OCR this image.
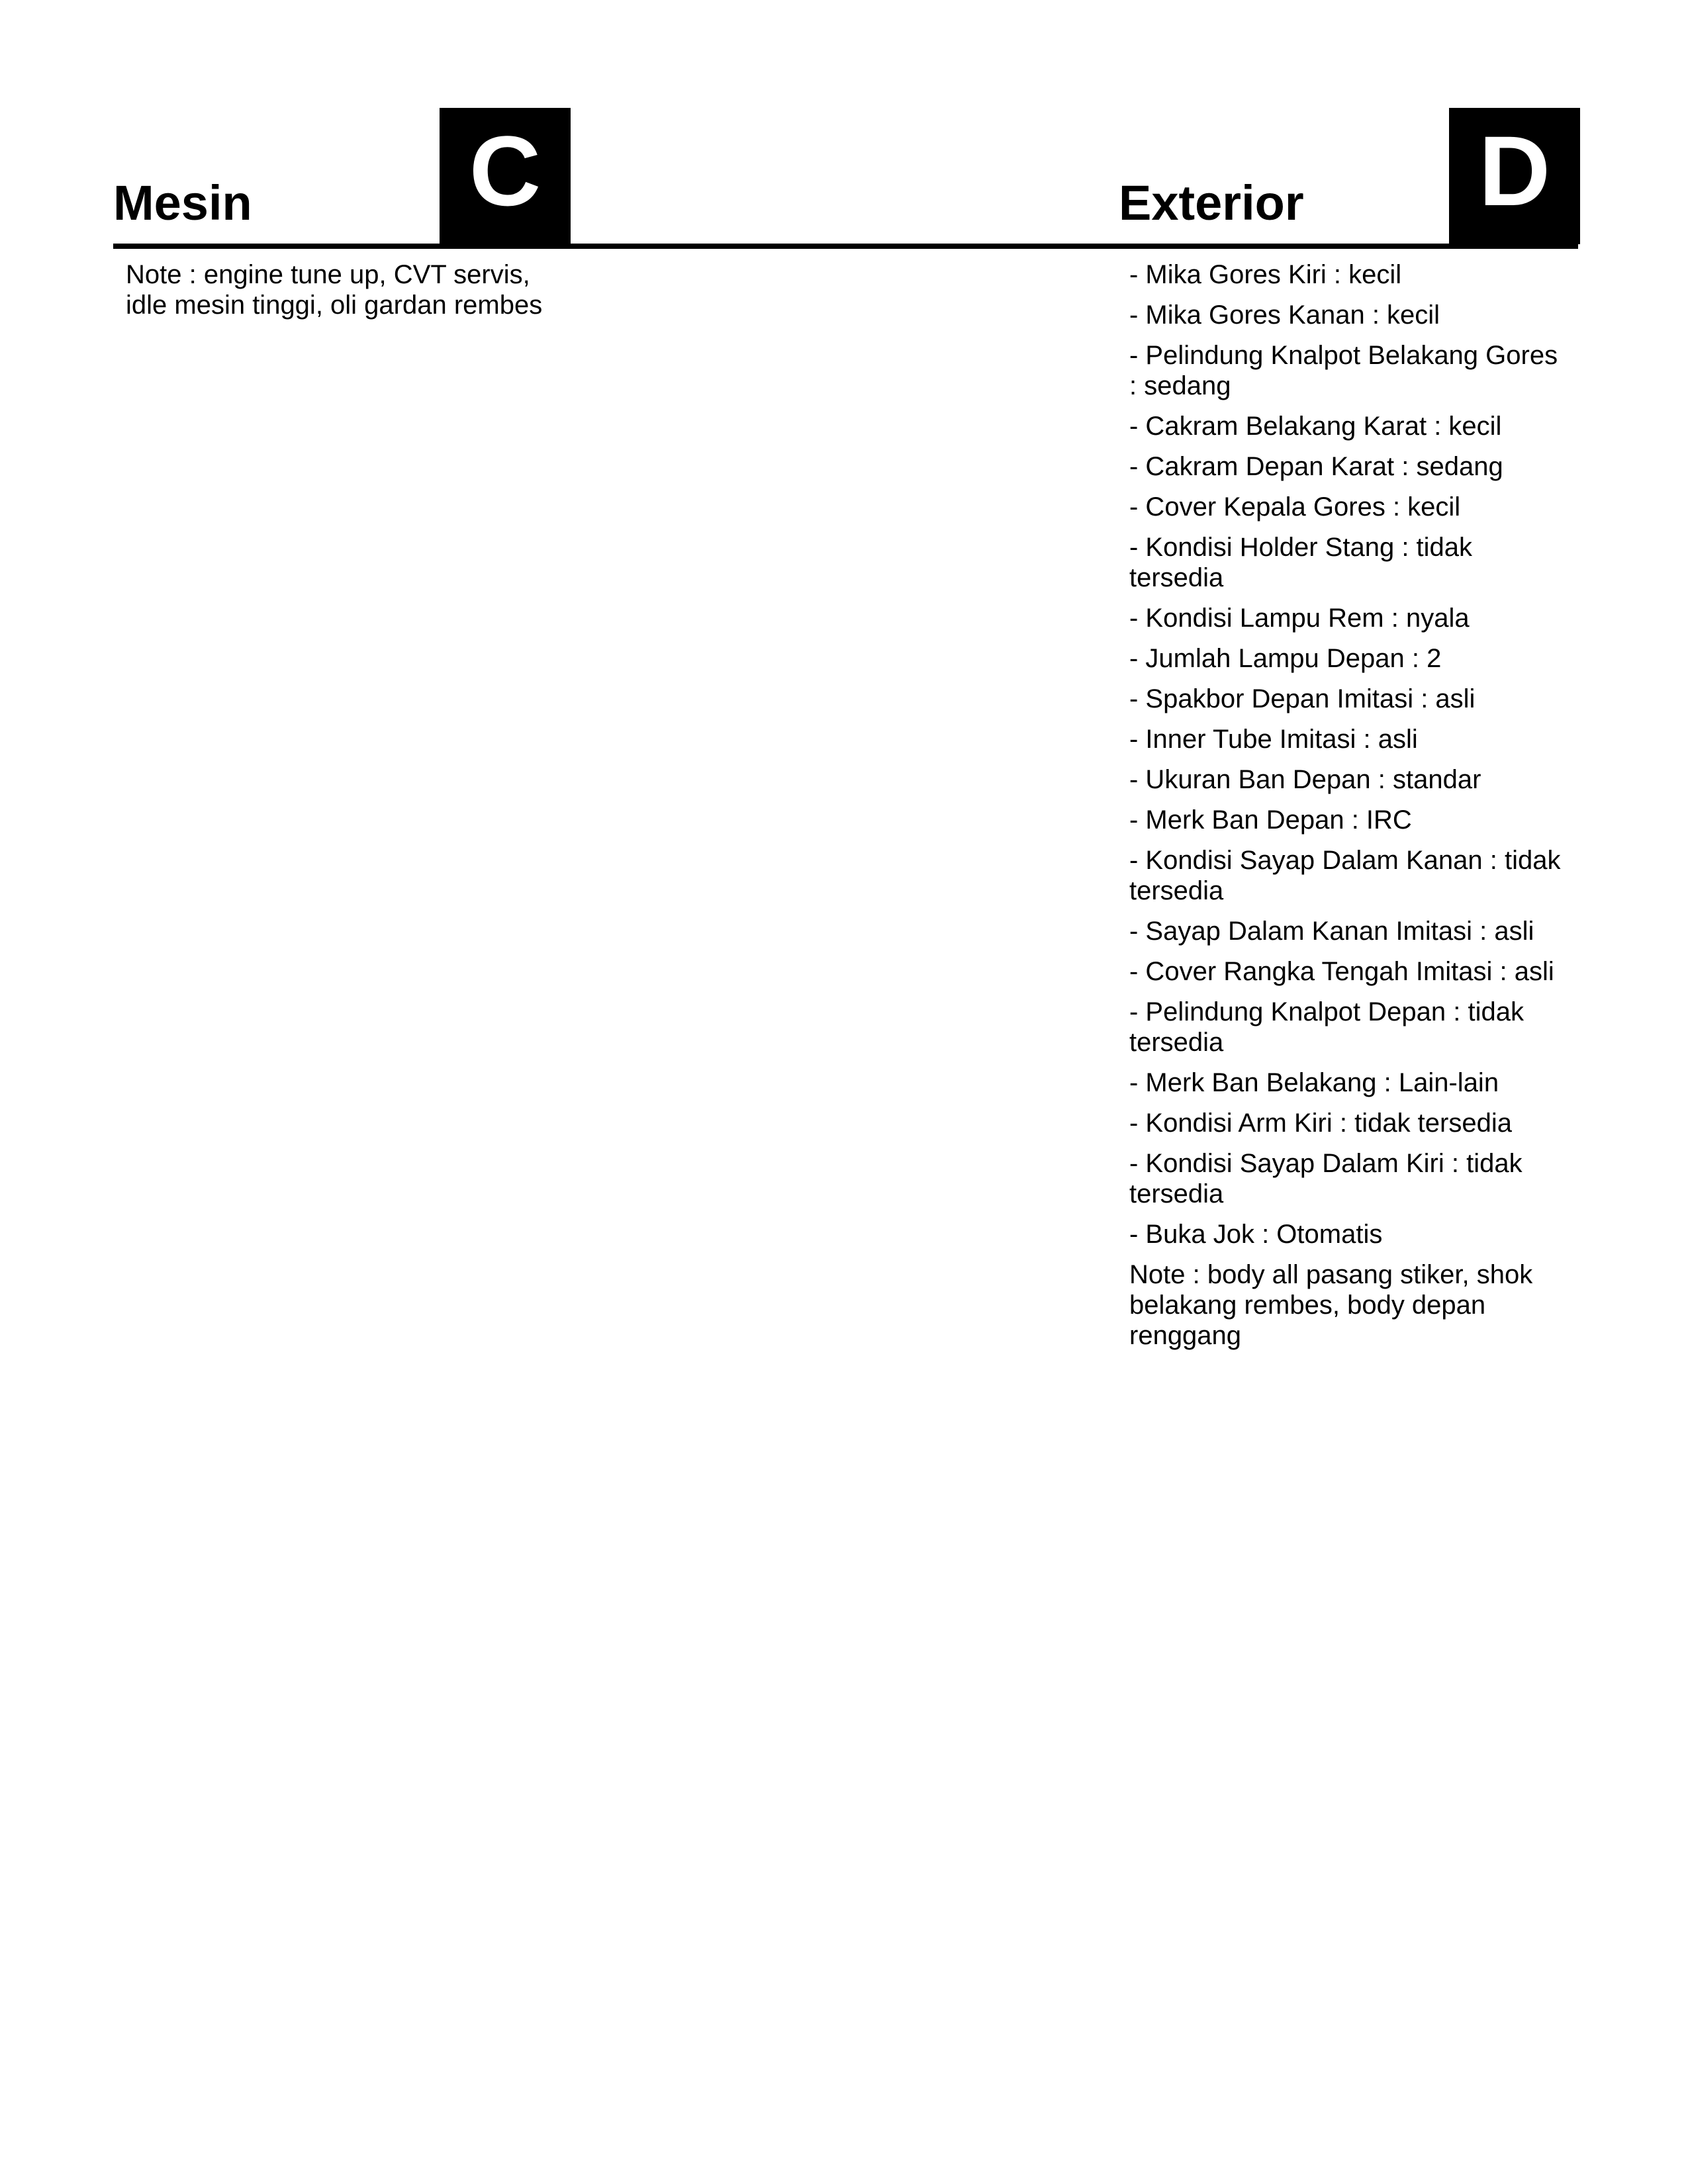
Mesin C	Exterior D
Note : engine tune up, CVT servis, idle mesin tinggi, oli gardan rembes
- Mika Gores Kiri : kecil
- Mika Gores Kanan : kecil
- Pelindung Knalpot Belakang Gores : sedang
- Cakram Belakang Karat : kecil
- Cakram Depan Karat : sedang
- Cover Kepala Gores : kecil
- Kondisi Holder Stang : tidak tersedia
- Kondisi Lampu Rem : nyala
- Jumlah Lampu Depan : 2
- Spakbor Depan Imitasi : asli
- Inner Tube Imitasi : asli
- Ukuran Ban Depan : standar
- Merk Ban Depan : IRC
- Kondisi Sayap Dalam Kanan : tidak tersedia
- Sayap Dalam Kanan Imitasi : asli
- Cover Rangka Tengah Imitasi : asli
- Pelindung Knalpot Depan : tidak tersedia
- Merk Ban Belakang : Lain-lain
- Kondisi Arm Kiri : tidak tersedia
- Kondisi Sayap Dalam Kiri : tidak tersedia
- Buka Jok : Otomatis
Note : body all pasang stiker, shok belakang rembes, body depan renggang
